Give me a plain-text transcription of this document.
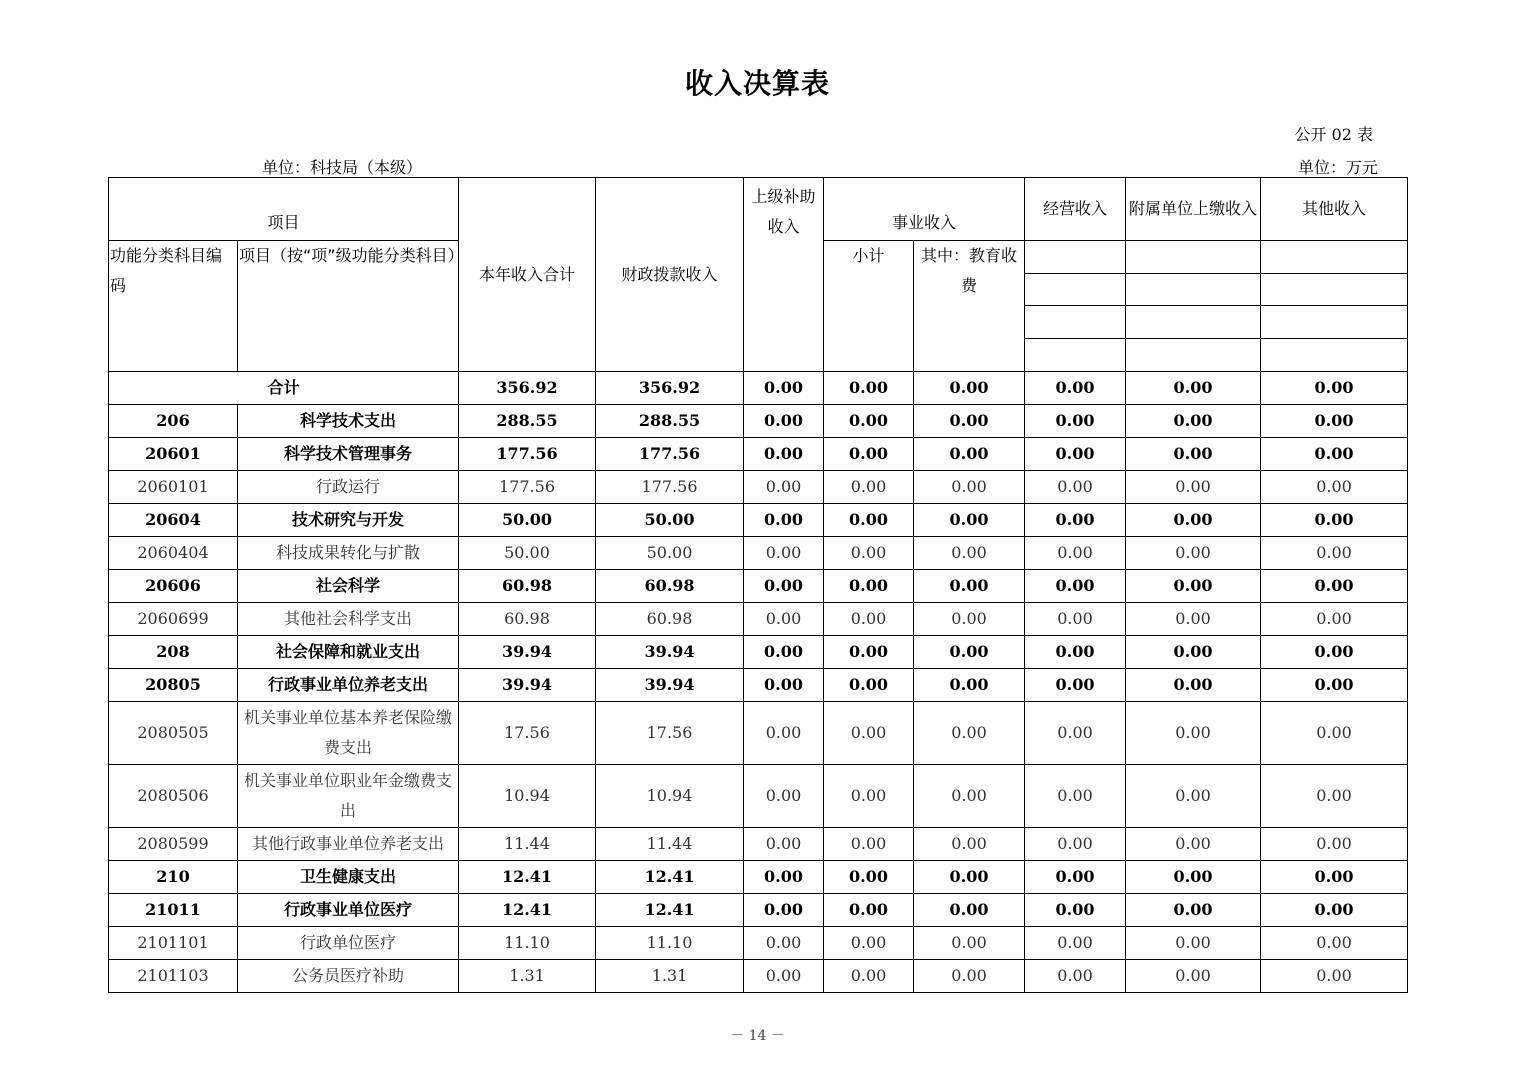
收入决算表
公开 02 表
单位：科技局（本级）	单位：万元
项目		本年收入合计	财政拨款收入	上级补助收入	事业收入		经营收入	附属单位上缴收入	其他收入
功能分类科目编码	项目（按“项”级功能分类科目）				小计	其中：教育收费			

合计		356.92	356.92	0.00	0.00	0.00	0.00	0.00	0.00
206	科学技术支出	288.55	288.55	0.00	0.00	0.00	0.00	0.00	0.00
20601	科学技术管理事务	177.56	177.56	0.00	0.00	0.00	0.00	0.00	0.00
2060101	行政运行	177.56	177.56	0.00	0.00	0.00	0.00	0.00	0.00
20604	技术研究与开发	50.00	50.00	0.00	0.00	0.00	0.00	0.00	0.00
2060404	科技成果转化与扩散	50.00	50.00	0.00	0.00	0.00	0.00	0.00	0.00
20606	社会科学	60.98	60.98	0.00	0.00	0.00	0.00	0.00	0.00
2060699	其他社会科学支出	60.98	60.98	0.00	0.00	0.00	0.00	0.00	0.00
208	社会保障和就业支出	39.94	39.94	0.00	0.00	0.00	0.00	0.00	0.00
20805	行政事业单位养老支出	39.94	39.94	0.00	0.00	0.00	0.00	0.00	0.00
2080505	机关事业单位基本养老保险缴费支出	17.56	17.56	0.00	0.00	0.00	0.00	0.00	0.00
2080506	机关事业单位职业年金缴费支出	10.94	10.94	0.00	0.00	0.00	0.00	0.00	0.00
2080599	其他行政事业单位养老支出	11.44	11.44	0.00	0.00	0.00	0.00	0.00	0.00
210	卫生健康支出	12.41	12.41	0.00	0.00	0.00	0.00	0.00	0.00
21011	行政事业单位医疗	12.41	12.41	0.00	0.00	0.00	0.00	0.00	0.00
2101101	行政单位医疗	11.10	11.10	0.00	0.00	0.00	0.00	0.00	0.00
2101103	公务员医疗补助	1.31	1.31	0.00	0.00	0.00	0.00	0.00	0.00
－ 14 －
